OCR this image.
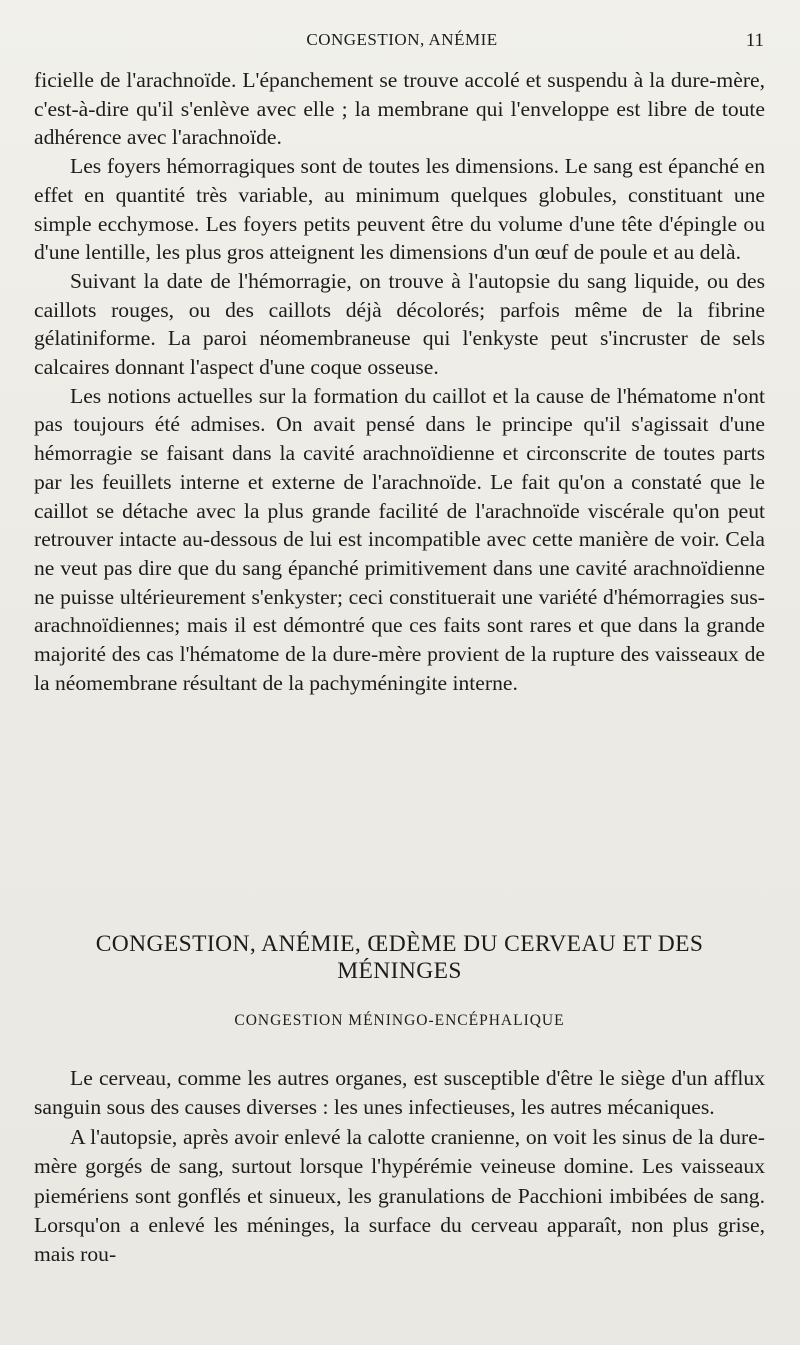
CONGESTION, ANÉMIE	11

ficielle de l'arachnoïde. L'épanchement se trouve accolé et suspendu à la dure-mère, c'est-à-dire qu'il s'enlève avec elle ; la membrane qui l'enveloppe est libre de toute adhérence avec l'arachnoïde.

Les foyers hémorragiques sont de toutes les dimensions. Le sang est épanché en effet en quantité très variable, au minimum quelques globules, constituant une simple ecchymose. Les foyers petits peuvent être du volume d'une tête d'épingle ou d'une lentille, les plus gros atteignent les dimensions d'un œuf de poule et au delà.

Suivant la date de l'hémorragie, on trouve à l'autopsie du sang liquide, ou des caillots rouges, ou des caillots déjà décolorés; parfois même de la fibrine gélatiniforme. La paroi néomembraneuse qui l'enkyste peut s'incruster de sels calcaires donnant l'aspect d'une coque osseuse.

Les notions actuelles sur la formation du caillot et la cause de l'hématome n'ont pas toujours été admises. On avait pensé dans le principe qu'il s'agissait d'une hémorragie se faisant dans la cavité arachnoïdienne et circonscrite de toutes parts par les feuillets interne et externe de l'arachnoïde. Le fait qu'on a constaté que le caillot se détache avec la plus grande facilité de l'arachnoïde viscérale qu'on peut retrouver intacte au-dessous de lui est incompatible avec cette manière de voir. Cela ne veut pas dire que du sang épanché primitivement dans une cavité arachnoïdienne ne puisse ultérieurement s'enkyster; ceci constituerait une variété d'hémorragies sus-arachnoïdiennes; mais il est démontré que ces faits sont rares et que dans la grande majorité des cas l'hématome de la dure-mère provient de la rupture des vaisseaux de la néomembrane résultant de la pachyméningite interne.

CONGESTION, ANÉMIE, ŒDÈME DU CERVEAU ET DES MÉNINGES
CONGESTION MÉNINGO-ENCÉPHALIQUE

Le cerveau, comme les autres organes, est susceptible d'être le siège d'un afflux sanguin sous des causes diverses : les unes infectieuses, les autres mécaniques.

A l'autopsie, après avoir enlevé la calotte cranienne, on voit les sinus de la dure-mère gorgés de sang, surtout lorsque l'hypérémie veineuse domine. Les vaisseaux piemériens sont gonflés et sinueux, les granulations de Pacchioni imbibées de sang. Lorsqu'on a enlevé les méninges, la surface du cerveau apparaît, non plus grise, mais rou-
